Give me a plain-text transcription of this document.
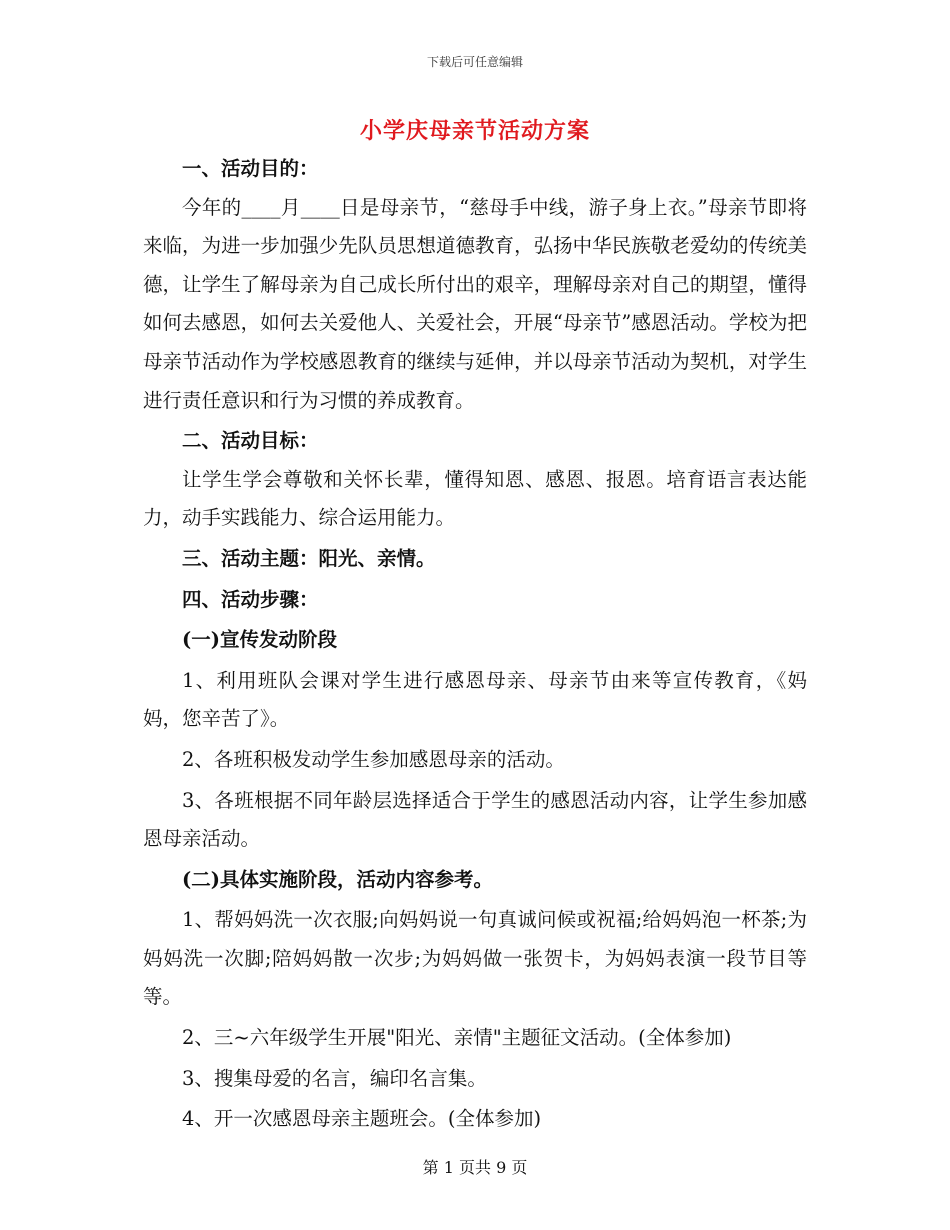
下载后可任意编辑
小学庆母亲节活动方案

一、活动目的：

今年的____月____日是母亲节，“慈母手中线，游子身上衣。”母亲节即将来临，为进一步加强少先队员思想道德教育，弘扬中华民族敬老爱幼的传统美德，让学生了解母亲为自己成长所付出的艰辛，理解母亲对自己的期望，懂得如何去感恩，如何去关爱他人、关爱社会，开展“母亲节”感恩活动。学校为把母亲节活动作为学校感恩教育的继续与延伸，并以母亲节活动为契机，对学生进行责任意识和行为习惯的养成教育。

二、活动目标：

让学生学会尊敬和关怀长辈，懂得知恩、感恩、报恩。培育语言表达能力，动手实践能力、综合运用能力。

三、活动主题：阳光、亲情。

四、活动步骤：

(一)宣传发动阶段

1、利用班队会课对学生进行感恩母亲、母亲节由来等宣传教育，《妈妈，您辛苦了》。

2、各班积极发动学生参加感恩母亲的活动。

3、各班根据不同年龄层选择适合于学生的感恩活动内容，让学生参加感恩母亲活动。

(二)具体实施阶段，活动内容参考。

1、帮妈妈洗一次衣服;向妈妈说一句真诚问候或祝福;给妈妈泡一杯茶;为妈妈洗一次脚;陪妈妈散一次步;为妈妈做一张贺卡，为妈妈表演一段节目等等。

2、三~六年级学生开展"阳光、亲情"主题征文活动。(全体参加)

3、搜集母爱的名言，编印名言集。

4、开一次感恩母亲主题班会。(全体参加)

第 1 页共 9 页
